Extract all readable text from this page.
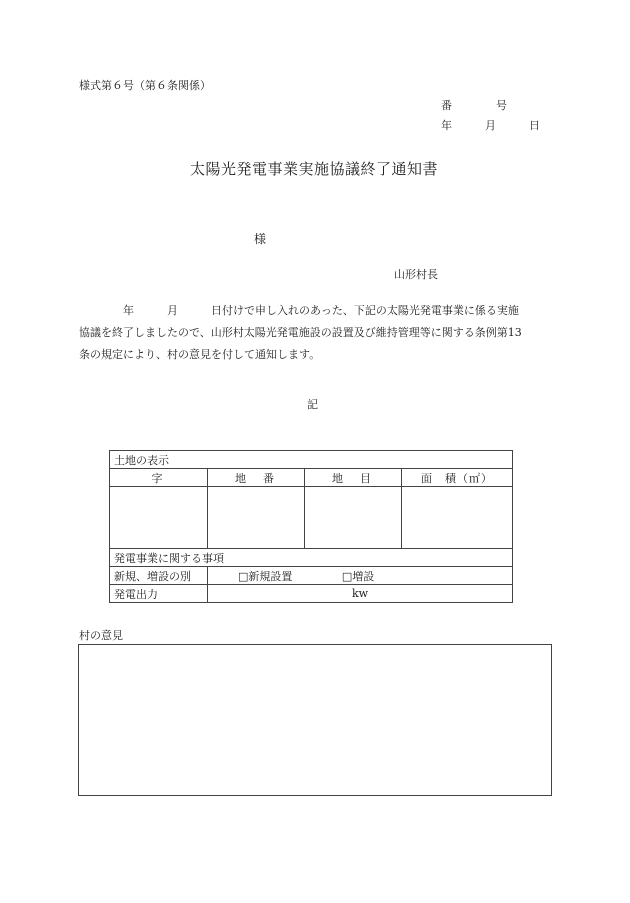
様式第６号（第６条関係）
番　　　　号
年　　　月　　　日
太陽光発電事業実施協議終了通知書
様
山形村長
　　　　年　　　月　　　日付けで申し入れのあった、下記の太陽光発電事業に係る実施
協議を終了しましたので、山形村太陽光発電施設の設置及び維持管理等に関する条例第13
条の規定により、村の意見を付して通知します。
記
土地の表示			
字	地　番	地　目	面　積（㎡）

発電事業に関する事項			
新規、増設の別	□新規設置 □増設		
発電出力	kw		
村の意見
